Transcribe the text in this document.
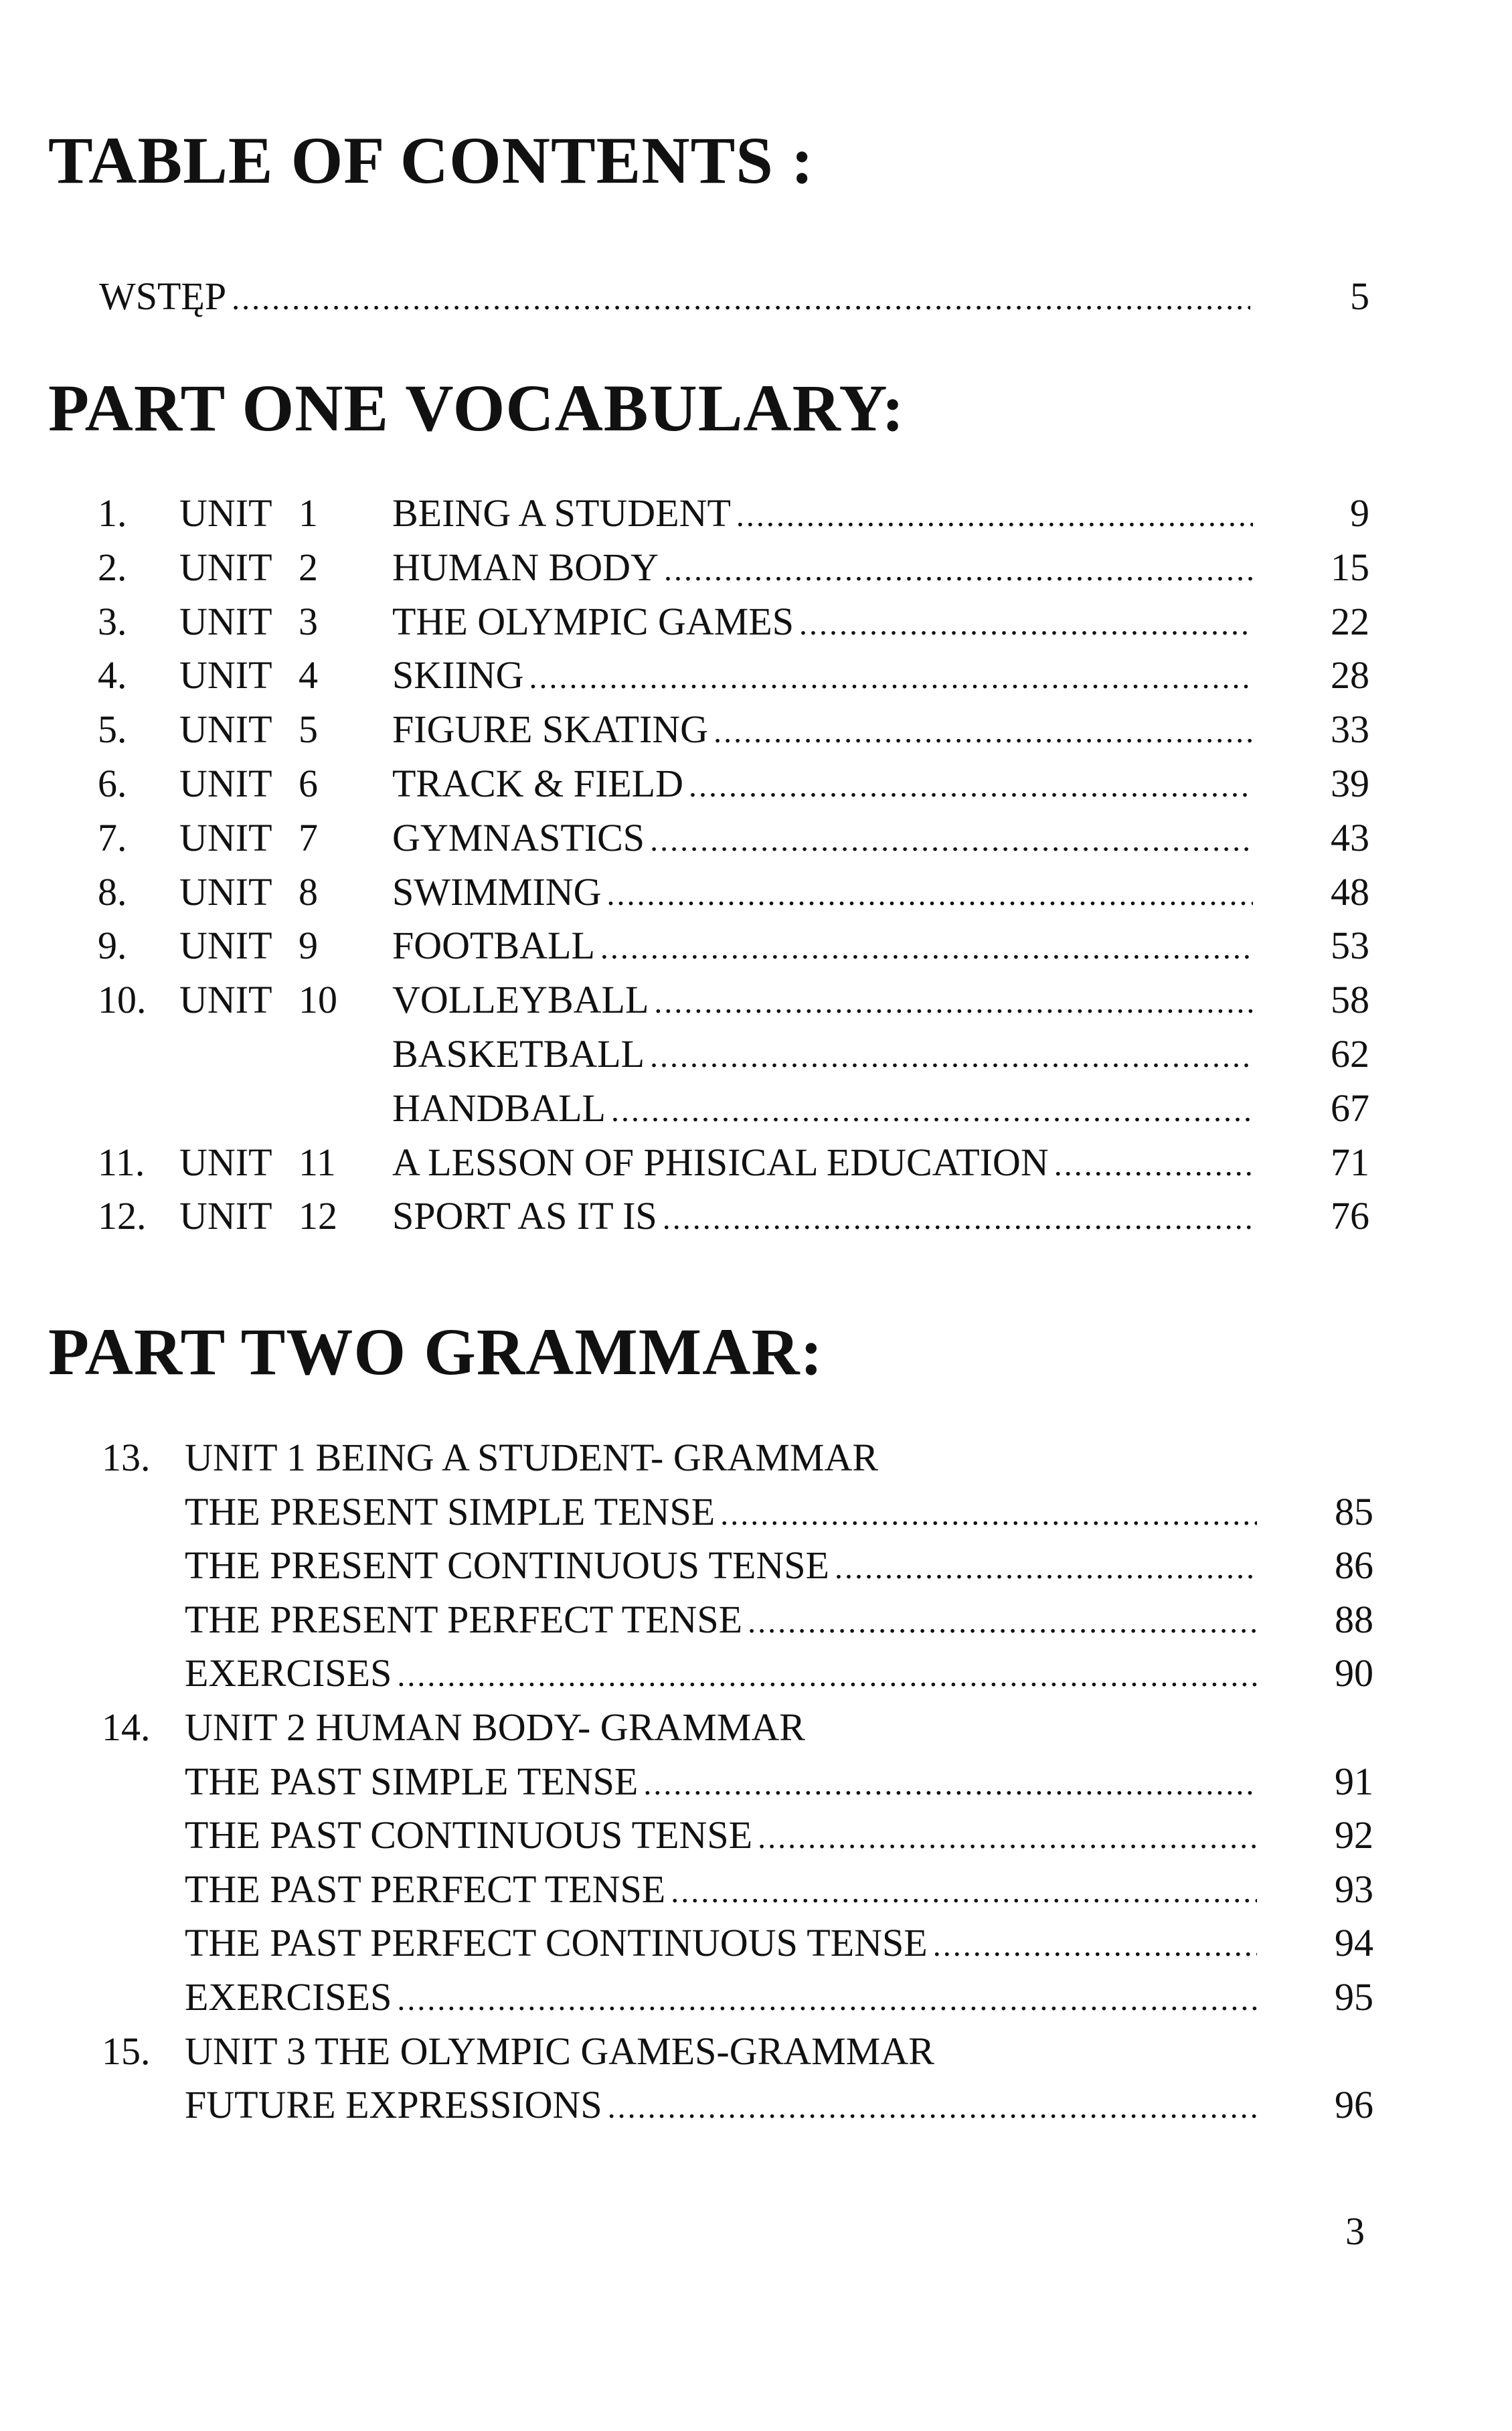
TABLE OF CONTENTS :
WSTĘP .....	5
PART ONE VOCABULARY:
1.	UNIT 1 BEING A STUDENT .....	9
2.	UNIT 2 HUMAN BODY .....	15
3.	UNIT 3 THE OLYMPIC GAMES .....	22
4.	UNIT 4 SKIING .....	28
5.	UNIT 5 FIGURE SKATING .....	33
6.	UNIT 6 TRACK & FIELD .....	39
7.	UNIT 7 GYMNASTICS .....	43
8.	UNIT 8 SWIMMING .....	48
9.	UNIT 9 FOOTBALL .....	53
10. UNIT 10 VOLLEYBALL .....	58
BASKETBALL .....	62
HANDBALL .....	67
11. UNIT 11 A LESSON OF PHISICAL EDUCATION .....	71
12. UNIT 12 SPORT AS IT IS .....	76
PART TWO GRAMMAR:
13. UNIT 1 BEING A STUDENT- GRAMMAR
THE PRESENT SIMPLE TENSE .....	85
THE PRESENT CONTINUOUS TENSE .....	86
THE PRESENT PERFECT TENSE .....	88
EXERCISES .....	90
14. UNIT 2 HUMAN BODY- GRAMMAR
THE PAST SIMPLE TENSE .....	91
THE PAST CONTINUOUS TENSE .....	92
THE PAST PERFECT TENSE .....	93
THE PAST PERFECT CONTINUOUS TENSE .....	94
EXERCISES .....	95
15. UNIT 3 THE OLYMPIC GAMES-GRAMMAR
FUTURE EXPRESSIONS .....	96
3
